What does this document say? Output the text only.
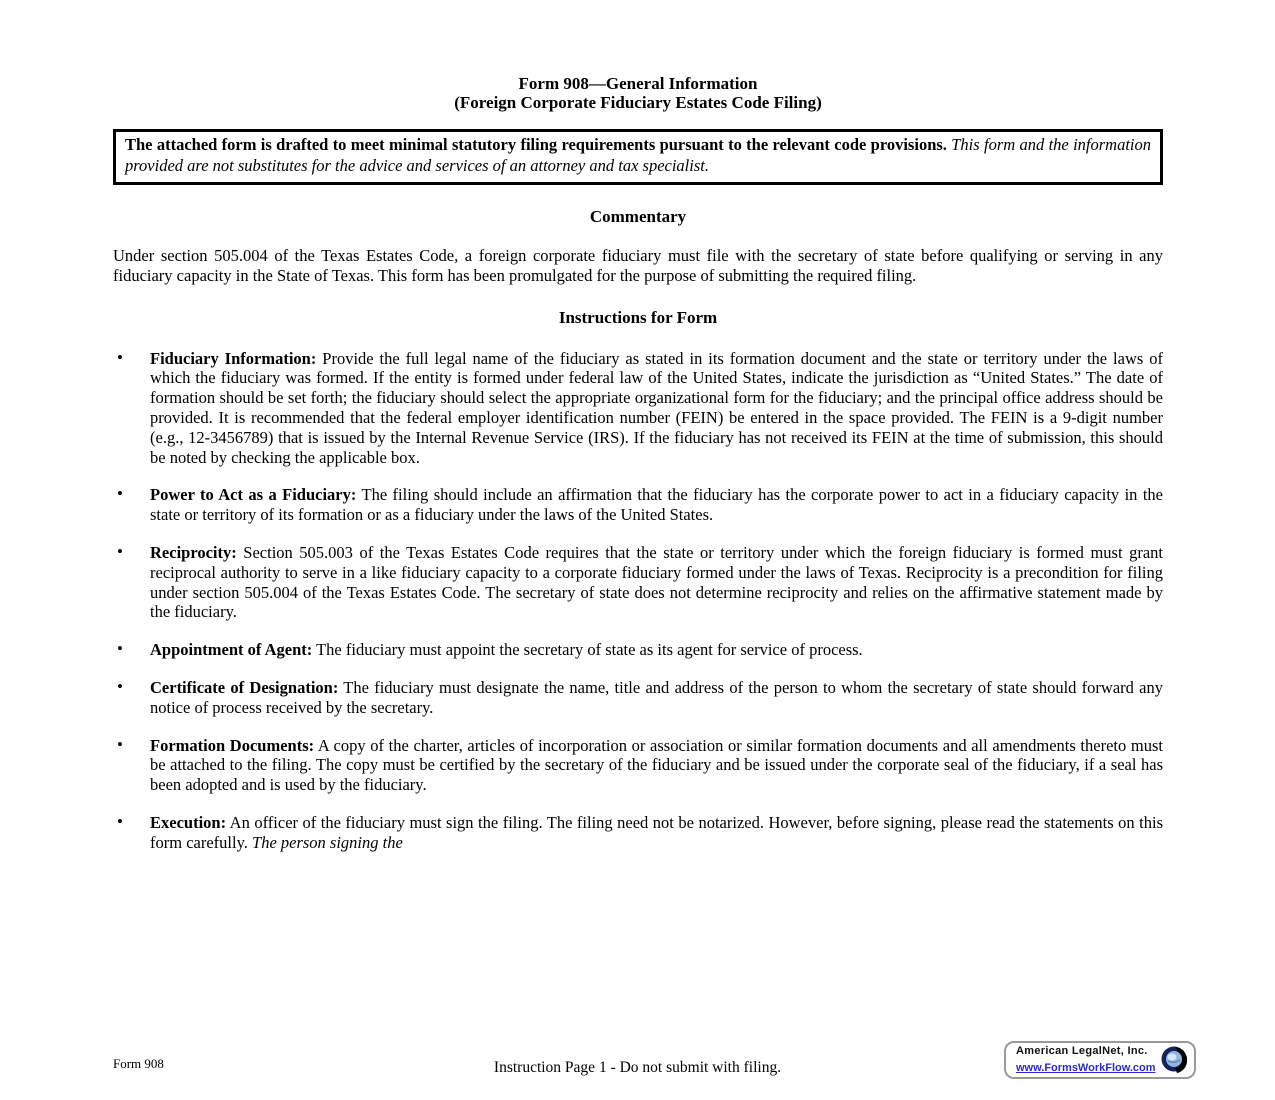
Form 908—General Information
(Foreign Corporate Fiduciary Estates Code Filing)
The attached form is drafted to meet minimal statutory filing requirements pursuant to the relevant code provisions. This form and the information provided are not substitutes for the advice and services of an attorney and tax specialist.
Commentary

Under section 505.004 of the Texas Estates Code, a foreign corporate fiduciary must file with the secretary of state before qualifying or serving in any fiduciary capacity in the State of Texas. This form has been promulgated for the purpose of submitting the required filing.

Instructions for Form
• Fiduciary Information: Provide the full legal name of the fiduciary as stated in its formation document and the state or territory under the laws of which the fiduciary was formed. If the entity is formed under federal law of the United States, indicate the jurisdiction as “United States.” The date of formation should be set forth; the fiduciary should select the appropriate organizational form for the fiduciary; and the principal office address should be provided. It is recommended that the federal employer identification number (FEIN) be entered in the space provided. The FEIN is a 9-digit number (e.g., 12-3456789) that is issued by the Internal Revenue Service (IRS). If the fiduciary has not received its FEIN at the time of submission, this should be noted by checking the applicable box.
• Power to Act as a Fiduciary: The filing should include an affirmation that the fiduciary has the corporate power to act in a fiduciary capacity in the state or territory of its formation or as a fiduciary under the laws of the United States.
• Reciprocity: Section 505.003 of the Texas Estates Code requires that the state or territory under which the foreign fiduciary is formed must grant reciprocal authority to serve in a like fiduciary capacity to a corporate fiduciary formed under the laws of Texas. Reciprocity is a precondition for filing under section 505.004 of the Texas Estates Code. The secretary of state does not determine reciprocity and relies on the affirmative statement made by the fiduciary.
• Appointment of Agent: The fiduciary must appoint the secretary of state as its agent for service of process.
• Certificate of Designation: The fiduciary must designate the name, title and address of the person to whom the secretary of state should forward any notice of process received by the secretary.
• Formation Documents: A copy of the charter, articles of incorporation or association or similar formation documents and all amendments thereto must be attached to the filing. The copy must be certified by the secretary of the fiduciary and be issued under the corporate seal of the fiduciary, if a seal has been adopted and is used by the fiduciary.
• Execution: An officer of the fiduciary must sign the filing. The filing need not be notarized. However, before signing, please read the statements on this form carefully. The person signing the
Form 908	Instruction Page 1 - Do not submit with filing.
American LegalNet, Inc.
www.FormsWorkFlow.com
